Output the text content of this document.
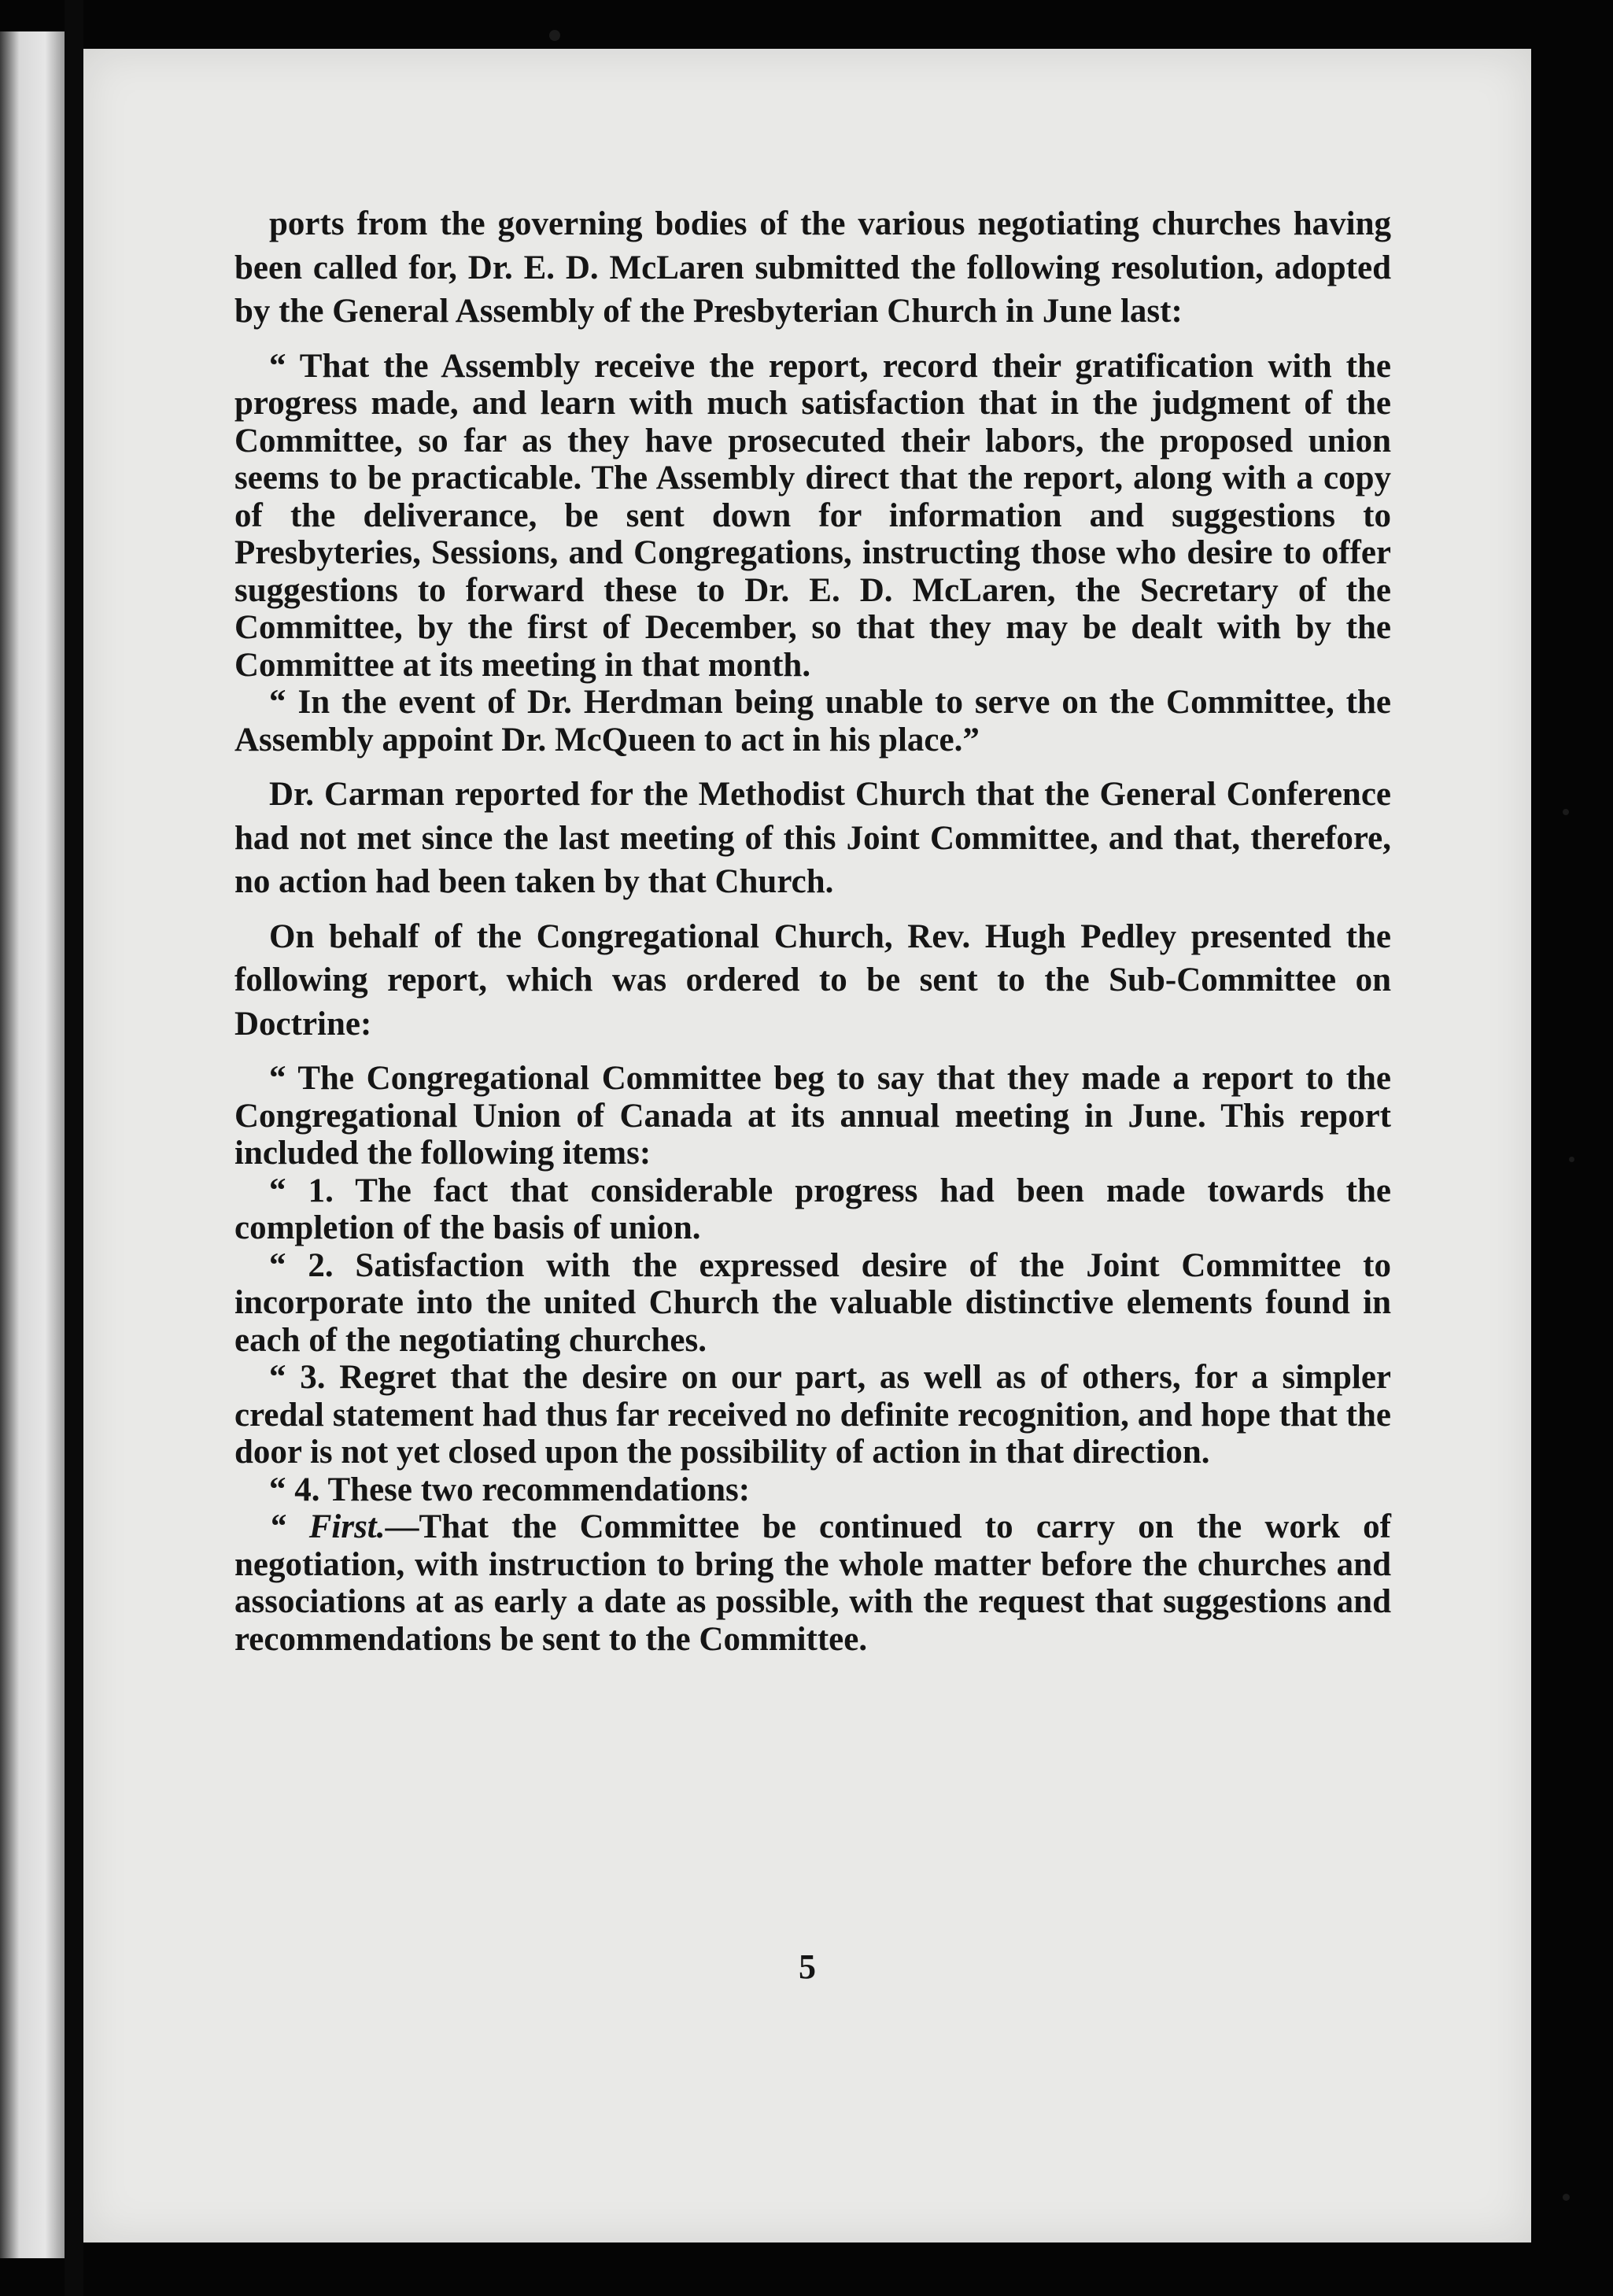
ports from the governing bodies of the various negotiating churches having been called for, Dr. E. D. McLaren submitted the following resolution, adopted by the General Assembly of the Presbyterian Church in June last:

“ That the Assembly receive the report, record their gratification with the progress made, and learn with much satisfaction that in the judgment of the Committee, so far as they have prosecuted their labors, the proposed union seems to be practicable. The Assembly direct that the report, along with a copy of the deliverance, be sent down for information and suggestions to Presbyteries, Sessions, and Congregations, instructing those who desire to offer suggestions to forward these to Dr. E. D. McLaren, the Secretary of the Committee, by the first of December, so that they may be dealt with by the Committee at its meeting in that month.

“ In the event of Dr. Herdman being unable to serve on the Committee, the Assembly appoint Dr. McQueen to act in his place.”

Dr. Carman reported for the Methodist Church that the General Conference had not met since the last meeting of this Joint Committee, and that, therefore, no action had been taken by that Church.

On behalf of the Congregational Church, Rev. Hugh Pedley presented the following report, which was ordered to be sent to the Sub-Committee on Doctrine:

“ The Congregational Committee beg to say that they made a report to the Congregational Union of Canada at its annual meeting in June. This report included the following items:

“ 1. The fact that considerable progress had been made towards the completion of the basis of union.

“ 2. Satisfaction with the expressed desire of the Joint Committee to incorporate into the united Church the valuable distinctive elements found in each of the negotiating churches.

“ 3. Regret that the desire on our part, as well as of others, for a simpler credal statement had thus far received no definite recognition, and hope that the door is not yet closed upon the possibility of action in that direction.

“ 4. These two recommendations:

“ First.—That the Committee be continued to carry on the work of negotiation, with instruction to bring the whole matter before the churches and associations at as early a date as possible, with the request that suggestions and recommendations be sent to the Committee.

5
